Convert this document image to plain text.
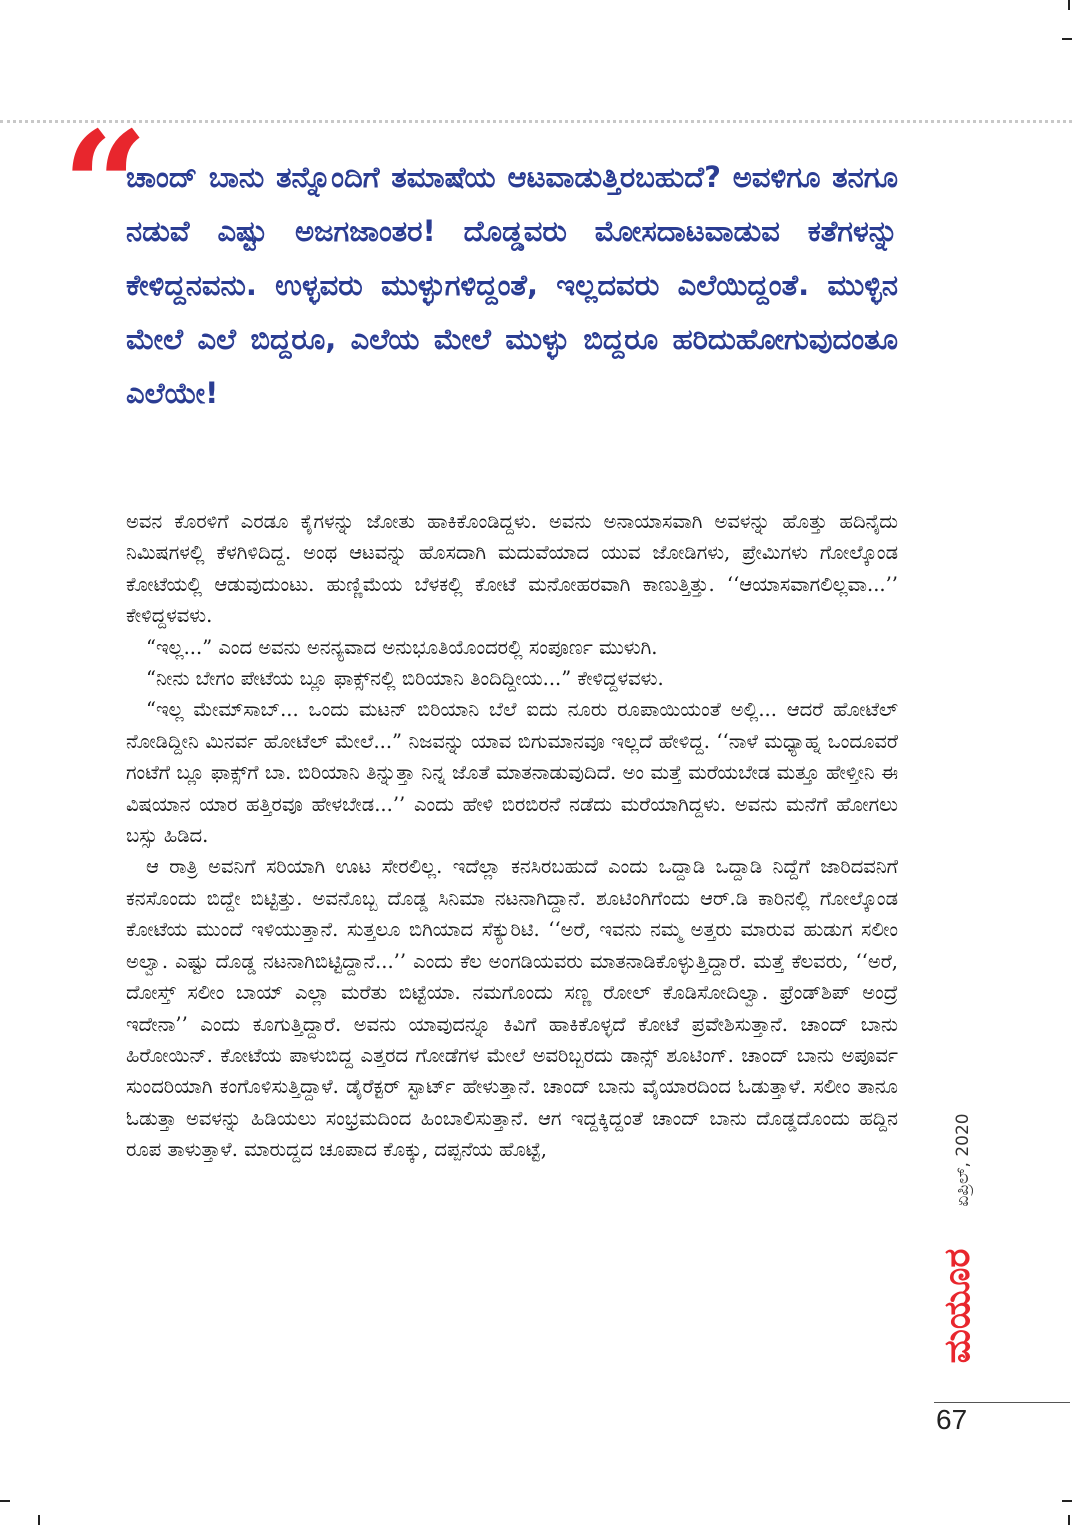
“

ಚಾಂದ್ ಬಾನು ತನ್ನೊಂದಿಗೆ ತಮಾಷೆಯ ಆಟವಾಡುತ್ತಿರಬಹುದೆ? ಅವಳಿಗೂ ತನಗೂ ನಡುವೆ ಎಷ್ಟು ಅಜಗಜಾಂತರ! ದೊಡ್ಡವರು ಮೋಸದಾಟವಾಡುವ ಕತೆಗಳನ್ನು ಕೇಳಿದ್ದನವನು. ಉಳ್ಳವರು ಮುಳ್ಳುಗಳಿದ್ದಂತೆ, ಇಲ್ಲದವರು ಎಲೆಯಿದ್ದಂತೆ. ಮುಳ್ಳಿನ ಮೇಲೆ ಎಲೆ ಬಿದ್ದರೂ, ಎಲೆಯ ಮೇಲೆ ಮುಳ್ಳು ಬಿದ್ದರೂ ಹರಿದುಹೋಗುವುದಂತೂ ಎಲೆಯೇ!

ಅವನ ಕೊರಳಿಗೆ ಎರಡೂ ಕೈಗಳನ್ನು ಜೋತು ಹಾಕಿಕೊಂಡಿದ್ದಳು. ಅವನು ಅನಾಯಾಸವಾಗಿ ಅವಳನ್ನು ಹೊತ್ತು ಹದಿನೈದು ನಿಮಿಷಗಳಲ್ಲಿ ಕೆಳಗಿಳಿದಿದ್ದ. ಅಂಥ ಆಟವನ್ನು ಹೊಸದಾಗಿ ಮದುವೆಯಾದ ಯುವ ಜೋಡಿಗಳು, ಪ್ರೇಮಿಗಳು ಗೋಲ್ಕೊಂಡ ಕೋಟೆಯಲ್ಲಿ ಆಡುವುದುಂಟು. ಹುಣ್ಣಿಮೆಯ ಬೆಳಕಲ್ಲಿ ಕೋಟೆ ಮನೋಹರವಾಗಿ ಕಾಣುತ್ತಿತ್ತು. ‘‘ಆಯಾಸವಾಗಲಿಲ್ಲವಾ...’’ ಕೇಳಿದ್ದಳವಳು.

“ಇಲ್ಲ...” ಎಂದ ಅವನು ಅನನ್ಯವಾದ ಅನುಭೂತಿಯೊಂದರಲ್ಲಿ ಸಂಪೂರ್ಣ ಮುಳುಗಿ.

“ನೀನು ಬೇಗಂ ಪೇಟೆಯ ಬ್ಲೂ ಫಾಕ್ಸ್‌ನಲ್ಲಿ ಬಿರಿಯಾನಿ ತಿಂದಿದ್ದೀಯ...” ಕೇಳಿದ್ದಳವಳು.

“ಇಲ್ಲ ಮೇಮ್‌ಸಾಬ್... ಒಂದು ಮಟನ್ ಬಿರಿಯಾನಿ ಬೆಲೆ ಐದು ನೂರು ರೂಪಾಯಿಯಂತೆ ಅಲ್ಲಿ... ಆದರೆ ಹೋಟೆಲ್ ನೋಡಿದ್ದೀನಿ ಮಿನರ್ವ ಹೋಟೆಲ್ ಮೇಲೆ...” ನಿಜವನ್ನು ಯಾವ ಬಿಗುಮಾನವೂ ಇಲ್ಲದೆ ಹೇಳಿದ್ದ. ‘‘ನಾಳೆ ಮಧ್ಯಾಹ್ನ ಒಂದೂವರೆ ಗಂಟೆಗೆ ಬ್ಲೂ ಫಾಕ್ಸ್‌ಗೆ ಬಾ. ಬಿರಿಯಾನಿ ತಿನ್ನುತ್ತಾ ನಿನ್ನ ಜೊತೆ ಮಾತನಾಡುವುದಿದೆ. ಅಂ ಮತ್ತೆ ಮರೆಯಬೇಡ ಮತ್ತೂ ಹೇಳ್ತೀನಿ ಈ ವಿಷಯಾನ ಯಾರ ಹತ್ತಿರವೂ ಹೇಳಬೇಡ...’’ ಎಂದು ಹೇಳಿ ಬಿರಬಿರನೆ ನಡೆದು ಮರೆಯಾಗಿದ್ದಳು. ಅವನು ಮನೆಗೆ ಹೋಗಲು ಬಸ್ಸು ಹಿಡಿದ.

ಆ ರಾತ್ರಿ ಅವನಿಗೆ ಸರಿಯಾಗಿ ಊಟ ಸೇರಲಿಲ್ಲ. ಇದೆಲ್ಲಾ ಕನಸಿರಬಹುದೆ ಎಂದು ಒದ್ದಾಡಿ ಒದ್ದಾಡಿ ನಿದ್ದೆಗೆ ಜಾರಿದವನಿಗೆ ಕನಸೊಂದು ಬಿದ್ದೇ ಬಿಟ್ಟಿತ್ತು. ಅವನೊಬ್ಬ ದೊಡ್ಡ ಸಿನಿಮಾ ನಟನಾಗಿದ್ದಾನೆ. ಶೂಟಿಂಗಿಗೆಂದು ಆರ್.ಡಿ ಕಾರಿನಲ್ಲಿ ಗೋಲ್ಕೊಂಡ ಕೋಟೆಯ ಮುಂದೆ ಇಳಿಯುತ್ತಾನೆ. ಸುತ್ತಲೂ ಬಿಗಿಯಾದ ಸೆಕ್ಯುರಿಟಿ. ‘‘ಅರೆ, ಇವನು ನಮ್ಮ ಅತ್ತರು ಮಾರುವ ಹುಡುಗ ಸಲೀಂ ಅಲ್ವಾ. ಎಷ್ಟು ದೊಡ್ಡ ನಟನಾಗಿಬಿಟ್ಟಿದ್ದಾನೆ...’’ ಎಂದು ಕೆಲ ಅಂಗಡಿಯವರು ಮಾತನಾಡಿಕೊಳ್ಳುತ್ತಿದ್ದಾರೆ. ಮತ್ತೆ ಕೆಲವರು, ‘‘ಅರೆ, ದೋಸ್ತ್ ಸಲೀಂ ಬಾಯ್ ಎಲ್ಲಾ ಮರೆತು ಬಿಟ್ಟೆಯಾ. ನಮಗೊಂದು ಸಣ್ಣ ರೋಲ್ ಕೊಡಿಸೋದಿಲ್ವಾ. ಫ್ರೆಂಡ್‌ಶಿಪ್ ಅಂದ್ರೆ ಇದೇನಾ’’ ಎಂದು ಕೂಗುತ್ತಿದ್ದಾರೆ. ಅವನು ಯಾವುದನ್ನೂ ಕಿವಿಗೆ ಹಾಕಿಕೊಳ್ಳದೆ ಕೋಟೆ ಪ್ರವೇಶಿಸುತ್ತಾನೆ. ಚಾಂದ್ ಬಾನು ಹಿರೋಯಿನ್. ಕೋಟೆಯ ಪಾಳುಬಿದ್ದ ಎತ್ತರದ ಗೋಡೆಗಳ ಮೇಲೆ ಅವರಿಬ್ಬರದು ಡಾನ್ಸ್ ಶೂಟಿಂಗ್. ಚಾಂದ್ ಬಾನು ಅಪೂರ್ವ ಸುಂದರಿಯಾಗಿ ಕಂಗೊಳಿಸುತ್ತಿದ್ದಾಳೆ. ಡೈರೆಕ್ಟರ್ ಸ್ಟಾರ್ಟ್ ಹೇಳುತ್ತಾನೆ. ಚಾಂದ್ ಬಾನು ವೈಯಾರದಿಂದ ಓಡುತ್ತಾಳೆ. ಸಲೀಂ ತಾನೂ ಓಡುತ್ತಾ ಅವಳನ್ನು ಹಿಡಿಯಲು ಸಂಭ್ರಮದಿಂದ ಹಿಂಬಾಲಿಸುತ್ತಾನೆ. ಆಗ ಇದ್ದಕ್ಕಿದ್ದಂತೆ ಚಾಂದ್ ಬಾನು ದೊಡ್ಡದೊಂದು ಹದ್ದಿನ ರೂಪ ತಾಳುತ್ತಾಳೆ. ಮಾರುದ್ದದ ಚೂಪಾದ ಕೊಕ್ಕು, ದಪ್ಪನೆಯ ಹೊಟ್ಟೆ,	ಏಪ್ರಿಲ್, 2020
ಮಯೂರ
67
